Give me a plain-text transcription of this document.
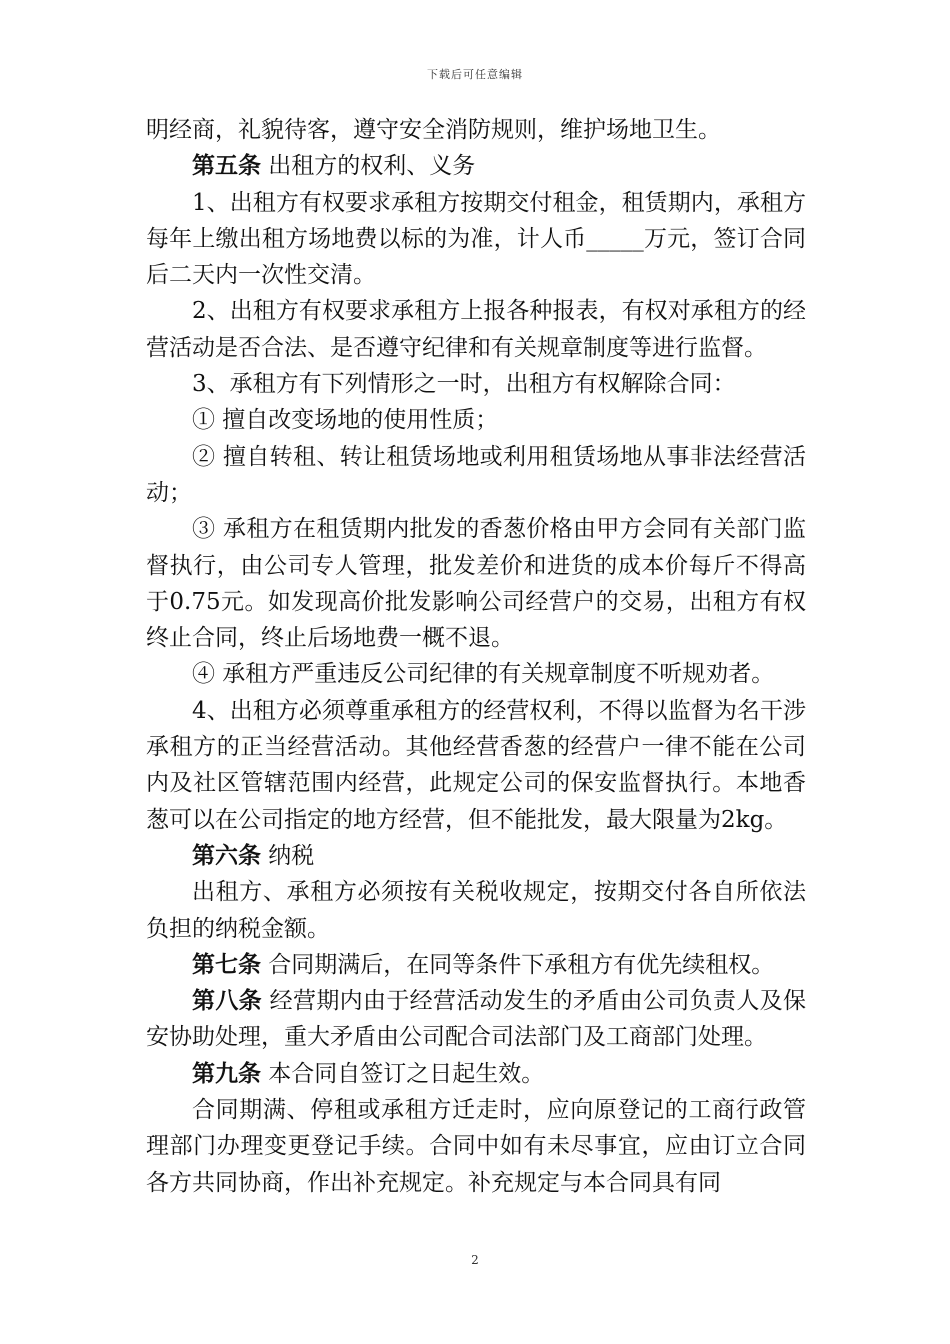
下载后可任意编辑

明经商，礼貌待客，遵守安全消防规则，维护场地卫生。

第五条 出租方的权利、义务

1、出租方有权要求承租方按期交付租金，租赁期内，承租方每年上缴出租方场地费以标的为准，计人币_____万元，签订合同后二天内一次性交清。

2、出租方有权要求承租方上报各种报表，有权对承租方的经营活动是否合法、是否遵守纪律和有关规章制度等进行监督。

3、承租方有下列情形之一时，出租方有权解除合同：

① 擅自改变场地的使用性质；

② 擅自转租、转让租赁场地或利用租赁场地从事非法经营活动；

③ 承租方在租赁期内批发的香葱价格由甲方会同有关部门监督执行，由公司专人管理，批发差价和进货的成本价每斤不得高于0.75元。如发现高价批发影响公司经营户的交易，出租方有权终止合同，终止后场地费一概不退。

④ 承租方严重违反公司纪律的有关规章制度不听规劝者。

4、出租方必须尊重承租方的经营权利，不得以监督为名干涉承租方的正当经营活动。其他经营香葱的经营户一律不能在公司内及社区管辖范围内经营，此规定公司的保安监督执行。本地香葱可以在公司指定的地方经营，但不能批发，最大限量为2kg。

第六条 纳税

出租方、承租方必须按有关税收规定，按期交付各自所依法负担的纳税金额。

第七条 合同期满后，在同等条件下承租方有优先续租权。

第八条 经营期内由于经营活动发生的矛盾由公司负责人及保安协助处理，重大矛盾由公司配合司法部门及工商部门处理。

第九条 本合同自签订之日起生效。

合同期满、停租或承租方迁走时，应向原登记的工商行政管理部门办理变更登记手续。合同中如有未尽事宜，应由订立合同各方共同协商，作出补充规定。补充规定与本合同具有同

2
